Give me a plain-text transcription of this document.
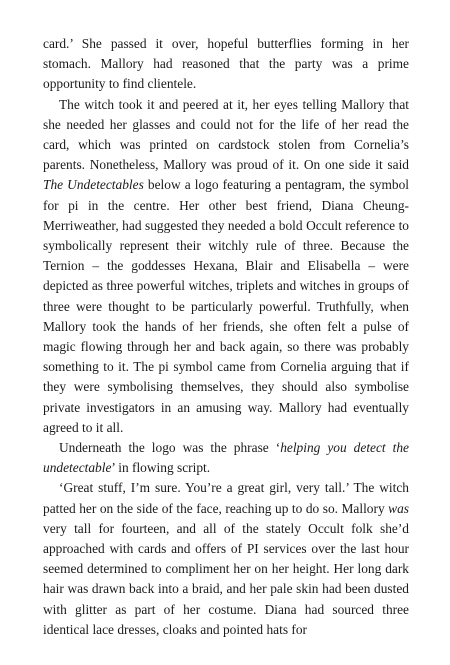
card.’ She passed it over, hopeful butterflies forming in her stomach. Mallory had reasoned that the party was a prime opportunity to find clientele.

The witch took it and peered at it, her eyes telling Mallory that she needed her glasses and could not for the life of her read the card, which was printed on cardstock stolen from Cornelia’s parents. Nonetheless, Mallory was proud of it. On one side it said The Undetectables below a logo featuring a pentagram, the symbol for pi in the centre. Her other best friend, Diana Cheung-Merriweather, had suggested they needed a bold Occult reference to symbolically represent their witchly rule of three. Because the Ternion – the goddesses Hexana, Blair and Elisabella – were depicted as three powerful witches, triplets and witches in groups of three were thought to be particularly powerful. Truthfully, when Mallory took the hands of her friends, she often felt a pulse of magic flowing through her and back again, so there was probably something to it. The pi symbol came from Cornelia arguing that if they were symbolising themselves, they should also symbolise private investigators in an amusing way. Mallory had eventually agreed to it all.

Underneath the logo was the phrase ‘helping you detect the undetectable’ in flowing script.

‘Great stuff, I’m sure. You’re a great girl, very tall.’ The witch patted her on the side of the face, reaching up to do so. Mallory was very tall for fourteen, and all of the stately Occult folk she’d approached with cards and offers of PI services over the last hour seemed determined to compliment her on her height. Her long dark hair was drawn back into a braid, and her pale skin had been dusted with glitter as part of her costume. Diana had sourced three identical lace dresses, cloaks and pointed hats for
